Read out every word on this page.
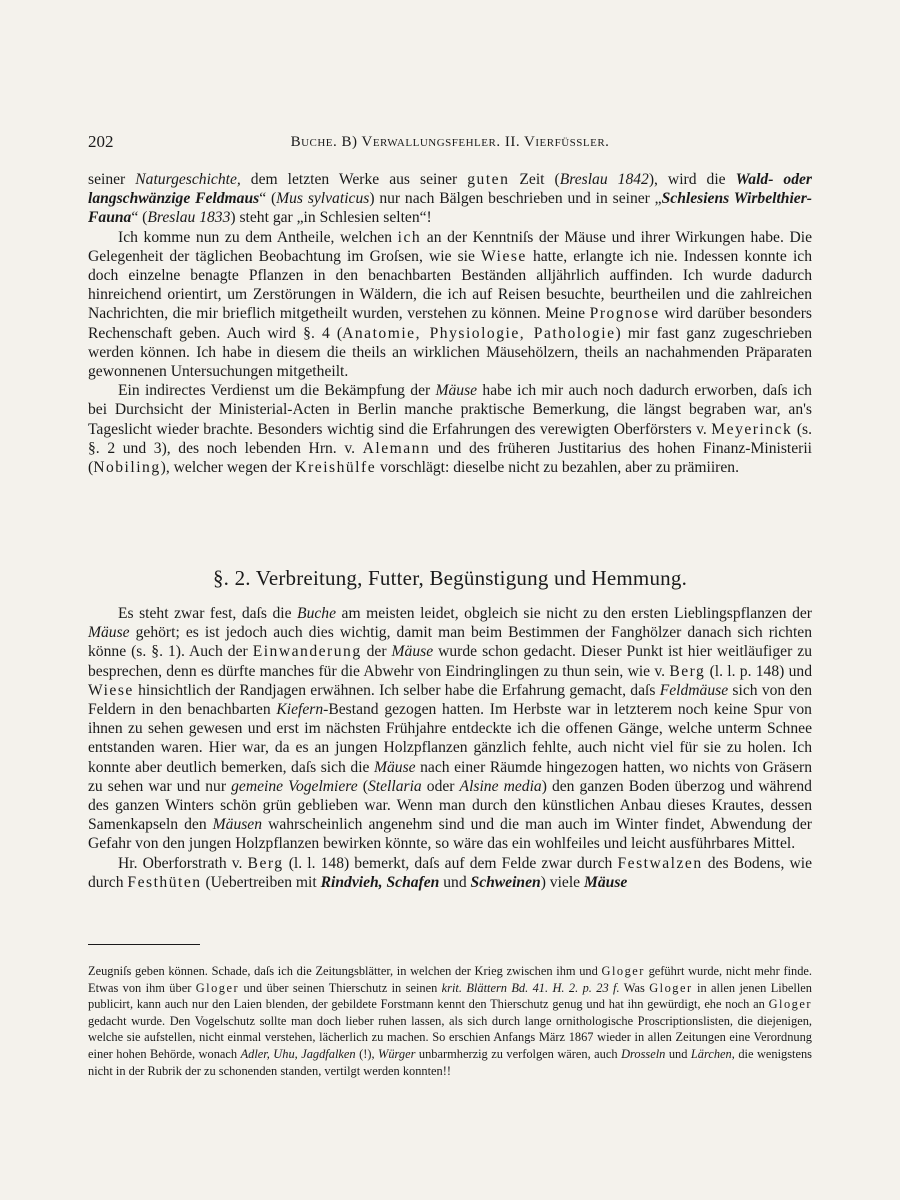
202	Buche. B) Verwallungsfehler. II. Vierfüssler.

seiner Naturgeschichte, dem letzten Werke aus seiner guten Zeit (Breslau 1842), wird die Wald- oder langschwänzige Feldmaus“ (Mus sylvaticus) nur nach Bälgen beschrieben und in seiner „Schlesiens Wirbelthier-Fauna“ (Breslau 1833) steht gar „in Schlesien selten“!

Ich komme nun zu dem Antheile, welchen ich an der Kenntniſs der Mäuse und ihrer Wirkungen habe. Die Gelegenheit der täglichen Beobachtung im Groſsen, wie sie Wiese hatte, erlangte ich nie. Indessen konnte ich doch einzelne benagte Pflanzen in den benachbarten Beständen alljährlich auffinden. Ich wurde dadurch hinreichend orientirt, um Zerstörungen in Wäldern, die ich auf Reisen besuchte, beurtheilen und die zahlreichen Nachrichten, die mir brieflich mitgetheilt wurden, verstehen zu können. Meine Prognose wird darüber besonders Rechenschaft geben. Auch wird §. 4 (Anatomie, Physiologie, Pathologie) mir fast ganz zugeschrieben werden können. Ich habe in diesem die theils an wirklichen Mäusehölzern, theils an nachahmenden Präparaten gewonnenen Untersuchungen mitgetheilt.

Ein indirectes Verdienst um die Bekämpfung der Mäuse habe ich mir auch noch dadurch erworben, daſs ich bei Durchsicht der Ministerial-Acten in Berlin manche praktische Bemerkung, die längst begraben war, an's Tageslicht wieder brachte. Besonders wichtig sind die Erfahrungen des verewigten Oberförsters v. Meyerinck (s. §. 2 und 3), des noch lebenden Hrn. v. Alemann und des früheren Justitarius des hohen Finanz-Ministerii (Nobiling), welcher wegen der Kreishülfe vorschlägt: dieselbe nicht zu bezahlen, aber zu prämiiren.

§. 2. Verbreitung, Futter, Begünstigung und Hemmung.

Es steht zwar fest, daſs die Buche am meisten leidet, obgleich sie nicht zu den ersten Lieblingspflanzen der Mäuse gehört; es ist jedoch auch dies wichtig, damit man beim Bestimmen der Fanghölzer danach sich richten könne (s. §. 1). Auch der Einwanderung der Mäuse wurde schon gedacht. Dieser Punkt ist hier weitläufiger zu besprechen, denn es dürfte manches für die Abwehr von Eindringlingen zu thun sein, wie v. Berg (l. l. p. 148) und Wiese hinsichtlich der Randjagen erwähnen. Ich selber habe die Erfahrung gemacht, daſs Feldmäuse sich von den Feldern in den benachbarten Kiefern-Bestand gezogen hatten. Im Herbste war in letzterem noch keine Spur von ihnen zu sehen gewesen und erst im nächsten Frühjahre entdeckte ich die offenen Gänge, welche unterm Schnee entstanden waren. Hier war, da es an jungen Holzpflanzen gänzlich fehlte, auch nicht viel für sie zu holen. Ich konnte aber deutlich bemerken, daſs sich die Mäuse nach einer Räumde hingezogen hatten, wo nichts von Gräsern zu sehen war und nur gemeine Vogelmiere (Stellaria oder Alsine media) den ganzen Boden überzog und während des ganzen Winters schön grün geblieben war. Wenn man durch den künstlichen Anbau dieses Krautes, dessen Samenkapseln den Mäusen wahrscheinlich angenehm sind und die man auch im Winter findet, Abwendung der Gefahr von den jungen Holzpflanzen bewirken könnte, so wäre das ein wohlfeiles und leicht ausführbares Mittel.

Hr. Oberforstrath v. Berg (l. l. 148) bemerkt, daſs auf dem Felde zwar durch Festwalzen des Bodens, wie durch Festhüten (Uebertreiben mit Rindvieh, Schafen und Schweinen) viele Mäuse

Zeugniſs geben können. Schade, daſs ich die Zeitungsblätter, in welchen der Krieg zwischen ihm und Gloger geführt wurde, nicht mehr finde. Etwas von ihm über Gloger und über seinen Thierschutz in seinen krit. Blättern Bd. 41. H. 2. p. 23 f. Was Gloger in allen jenen Libellen publicirt, kann auch nur den Laien blenden, der gebildete Forstmann kennt den Thierschutz genug und hat ihn gewürdigt, ehe noch an Gloger gedacht wurde. Den Vogelschutz sollte man doch lieber ruhen lassen, als sich durch lange ornithologische Proscriptionslisten, die diejenigen, welche sie aufstellen, nicht einmal verstehen, lächerlich zu machen. So erschien Anfangs März 1867 wieder in allen Zeitungen eine Verordnung einer hohen Behörde, wonach Adler, Uhu, Jagdfalken (!), Würger unbarmherzig zu verfolgen wären, auch Drosseln und Lärchen, die wenigstens nicht in der Rubrik der zu schonenden standen, vertilgt werden konnten!!
